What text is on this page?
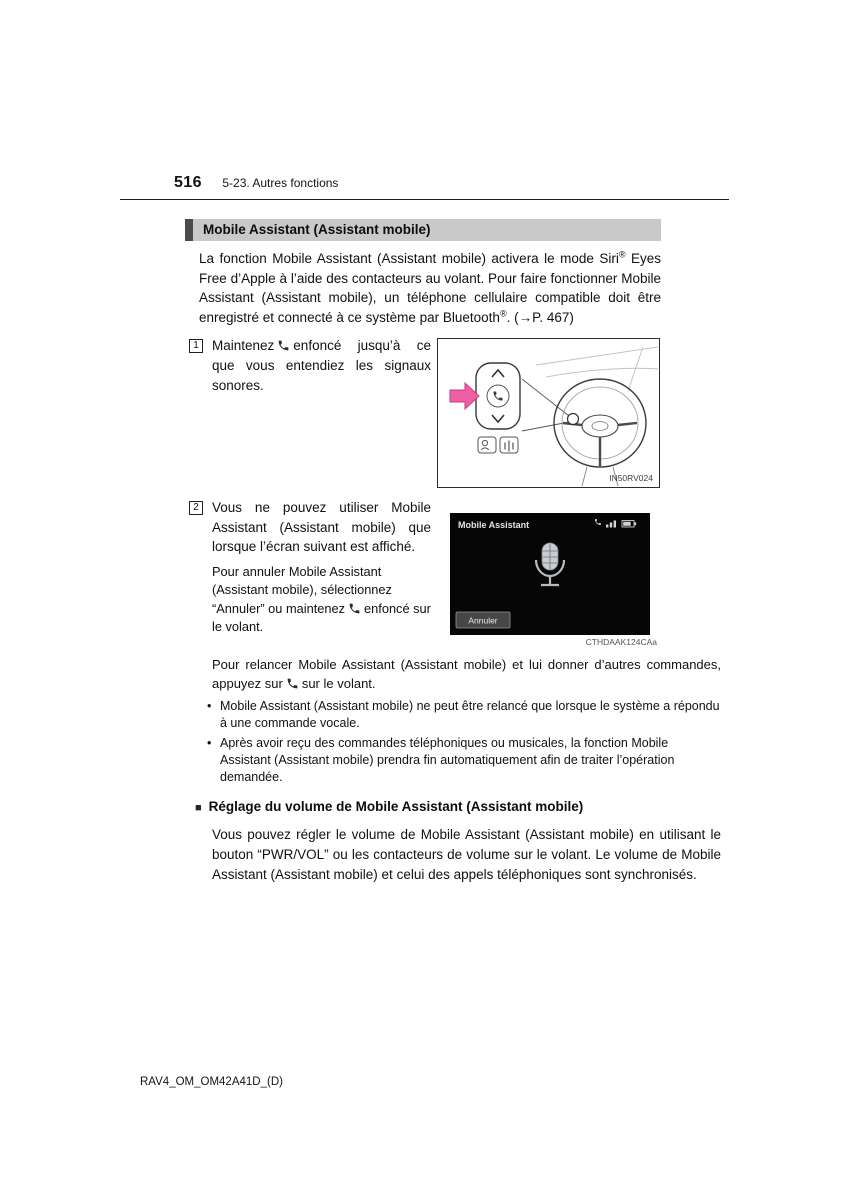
516 5-23. Autres fonctions
Mobile Assistant (Assistant mobile)

La fonction Mobile Assistant (Assistant mobile) activera le mode Siri® Eyes Free d’Apple à l’aide des contacteurs au volant. Pour faire fonctionner Mobile Assistant (Assistant mobile), un téléphone cellulaire compatible doit être enregistré et connecté à ce système par Bluetooth®. (→P. 467)

1 Maintenez enfoncé jusqu’à ce que vous entendiez les signaux sonores.

IN50RV024
2 Vous ne pouvez utiliser Mobile Assistant (Assistant mobile) que lorsque l’écran suivant est affiché.

Pour annuler Mobile Assistant (Assistant mobile), sélectionnez “Annuler” ou maintenez enfoncé sur le volant.

Mobile Assistant
Annuler
CTHDAAK124CAa

Pour relancer Mobile Assistant (Assistant mobile) et lui donner d’autres commandes, appuyez sur sur le volant.

• Mobile Assistant (Assistant mobile) ne peut être relancé que lorsque le système a répondu à une commande vocale.
• Après avoir reçu des commandes téléphoniques ou musicales, la fonction Mobile Assistant (Assistant mobile) prendra fin automatiquement afin de traiter l’opération demandée.
■ Réglage du volume de Mobile Assistant (Assistant mobile)

Vous pouvez régler le volume de Mobile Assistant (Assistant mobile) en utilisant le bouton “PWR/VOL” ou les contacteurs de volume sur le volant. Le volume de Mobile Assistant (Assistant mobile) et celui des appels téléphoniques sont synchronisés.

RAV4_OM_OM42A41D_(D)
